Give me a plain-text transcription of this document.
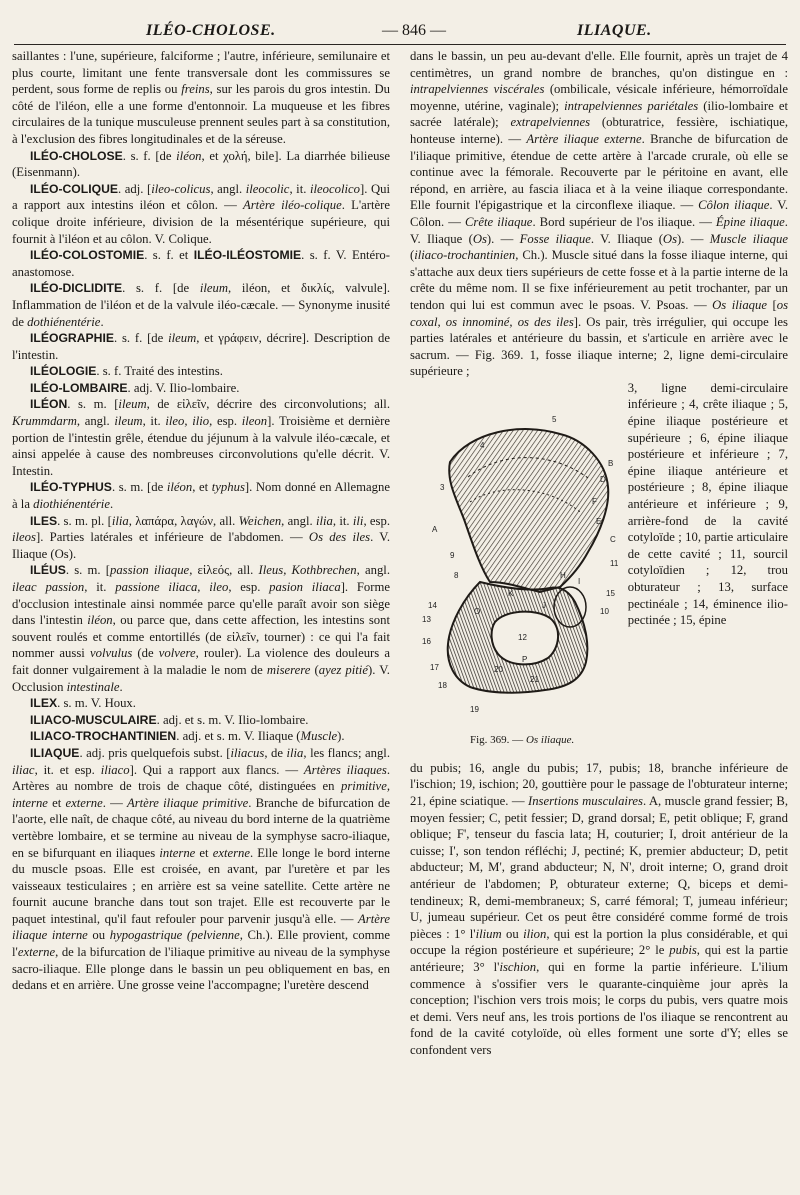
ILÉO-CHOLOSE.	— 846 —	ILIAQUE.

saillantes : l'une, supérieure, falciforme ; l'autre, inférieure, semilunaire et plus courte, limitant une fente transversale dont les commissures se perdent, sous forme de replis ou freins, sur les parois du gros intestin. Du côté de l'iléon, elle a une forme d'entonnoir. La muqueuse et les fibres circulaires de la tunique musculeuse prennent seules part à sa constitution, à l'exclusion des fibres longitudinales et de la séreuse.

ILÉO-CHOLOSE. s. f. [de iléon, et χολή, bile]. La diarrhée bilieuse (Eisenmann).

ILÉO-COLIQUE. adj. [ileo-colicus, angl. ileocolic, it. ileocolico]. Qui a rapport aux intestins iléon et côlon. — Artère iléo-colique. L'artère colique droite inférieure, division de la mésentérique supérieure, qui fournit à l'iléon et au côlon. V. Colique.

ILÉO-COLOSTOMIE. s. f. et ILÉO-ILÉOSTOMIE. s. f. V. Entéro-anastomose.

ILÉO-DICLIDITE. s. f. [de ileum, iléon, et δικλίς, valvule]. Inflammation de l'iléon et de la valvule iléo-cæcale. — Synonyme inusité de dothiénentérie.

ILÉOGRAPHIE. s. f. [de ileum, et γράφειν, décrire]. Description de l'intestin.

ILÉOLOGIE. s. f. Traité des intestins.

ILÉO-LOMBAIRE. adj. V. Ilio-lombaire.

ILÉON. s. m. [ileum, de εἰλεῖν, décrire des circonvolutions; all. Krummdarm, angl. ileum, it. ileo, ilio, esp. ileon]. Troisième et dernière portion de l'intestin grêle, étendue du jéjunum à la valvule iléo-cæcale, et ainsi appelée à cause des nombreuses circonvolutions qu'elle décrit. V. Intestin.

ILÉO-TYPHUS. s. m. [de iléon, et typhus]. Nom donné en Allemagne à la diothiénentérie.

ILES. s. m. pl. [ilia, λαπάρα, λαγών, all. Weichen, angl. ilia, it. ili, esp. ileos]. Parties latérales et inférieure de l'abdomen. — Os des iles. V. Iliaque (Os).

ILÉUS. s. m. [passion iliaque, εἰλεός, all. Ileus, Kothbrechen, angl. ileac passion, it. passione iliaca, ileo, esp. pasion iliaca]. Forme d'occlusion intestinale ainsi nommée parce qu'elle paraît avoir son siège dans l'intestin iléon, ou parce que, dans cette affection, les intestins sont souvent roulés et comme entortillés (de εἰλεῖν, tourner) : ce qui l'a fait nommer aussi volvulus (de volvere, rouler). La violence des douleurs a fait donner vulgairement à la maladie le nom de miserere (ayez pitié). V. Occlusion intestinale.

ILEX. s. m. V. Houx.

ILIACO-MUSCULAIRE. adj. et s. m. V. Ilio-lombaire.

ILIACO-TROCHANTINIEN. adj. et s. m. V. Iliaque (Muscle).

ILIAQUE. adj. pris quelquefois subst. [iliacus, de ilia, les flancs; angl. iliac, it. et esp. iliaco]. Qui a rapport aux flancs. — Artères iliaques. Artères au nombre de trois de chaque côté, distinguées en primitive, interne et externe. — Artère iliaque primitive. Branche de bifurcation de l'aorte, elle naît, de chaque côté, au niveau du bord interne de la quatrième vertèbre lombaire, et se termine au niveau de la symphyse sacro-iliaque, en se bifurquant en iliaques interne et externe. Elle longe le bord interne du muscle psoas. Elle est croisée, en avant, par l'uretère et par les vaisseaux testiculaires ; en arrière est sa veine satellite. Cette artère ne fournit aucune branche dans tout son trajet. Elle est recouverte par le paquet intestinal, qu'il faut refouler pour parvenir jusqu'à elle. — Artère iliaque interne ou hypogastrique (pelvienne, Ch.). Elle provient, comme l'externe, de la bifurcation de l'iliaque primitive au niveau de la symphyse sacro-iliaque. Elle plonge dans le bassin un peu obliquement en bas, en dedans et en arrière. Une grosse veine l'accompagne; l'uretère descend

dans le bassin, un peu au-devant d'elle. Elle fournit, après un trajet de 4 centimètres, un grand nombre de branches, qu'on distingue en : intrapelviennes viscérales (ombilicale, vésicale inférieure, hémorroïdale moyenne, utérine, vaginale); intrapelviennes pariétales (ilio-lombaire et sacrée latérale); extrapelviennes (obturatrice, fessière, ischiatique, honteuse interne). — Artère iliaque externe. Branche de bifurcation de l'iliaque primitive, étendue de cette artère à l'arcade crurale, où elle se continue avec la fémorale. Recouverte par le péritoine en avant, elle répond, en arrière, au fascia iliaca et à la veine iliaque correspondante. Elle fournit l'épigastrique et la circonflexe iliaque. — Côlon iliaque. V. Côlon. — Crête iliaque. Bord supérieur de l'os iliaque. — Épine iliaque. V. Iliaque (Os). — Fosse iliaque. V. Iliaque (Os). — Muscle iliaque (iliaco-trochantinien, Ch.). Muscle situé dans la fosse iliaque interne, qui s'attache aux deux tiers supérieurs de cette fosse et à la partie interne de la crête du même nom. Il se fixe inférieurement au petit trochanter, par un tendon qui lui est commun avec le psoas. V. Psoas. — Os iliaque [os coxal, os innominé, os des iles]. Os pair, très irrégulier, qui occupe les parties latérales et antérieure du bassin, et s'articule en arrière avec le sacrum. — Fig. 369. 1, fosse iliaque interne; 2, ligne demi-circulaire supérieure ;

4
5
B
3
A
9
8
C
11
14
13
16
17
18
19
15
10
12
20
21
F
E
D
H
I
J
K
O
P
Fig. 369. — Os iliaque.
3, ligne demi-circulaire inférieure ; 4, crête iliaque ; 5, épine iliaque postérieure et supérieure ; 6, épine iliaque postérieure et inférieure ; 7, épine iliaque antérieure et postérieure ; 8, épine iliaque antérieure et inférieure ; 9, arrière-fond de la cavité cotyloïde ; 10, partie articulaire de cette cavité ; 11, sourcil cotyloïdien ; 12, trou obturateur ; 13, surface pectinéale ; 14, éminence ilio-pectinée ; 15, épine

du pubis; 16, angle du pubis; 17, pubis; 18, branche inférieure de l'ischion; 19, ischion; 20, gouttière pour le passage de l'obturateur interne; 21, épine sciatique. — Insertions musculaires. A, muscle grand fessier; B, moyen fessier; C, petit fessier; D, grand dorsal; E, petit oblique; F, grand oblique; F', tenseur du fascia lata; H, couturier; I, droit antérieur de la cuisse; I', son tendon réfléchi; J, pectiné; K, premier abducteur; D, petit abducteur; M, M', grand abducteur; N, N', droit interne; O, grand droit antérieur de l'abdomen; P, obturateur externe; Q, biceps et demi-tendineux; R, demi-membraneux; S, carré fémoral; T, jumeau inférieur; U, jumeau supérieur. Cet os peut être considéré comme formé de trois pièces : 1° l'ilium ou ilion, qui est la portion la plus considérable, et qui occupe la région postérieure et supérieure; 2° le pubis, qui est la partie antérieure; 3° l'ischion, qui en forme la partie inférieure. L'ilium commence à s'ossifier vers le quarante-cinquième jour après la conception; l'ischion vers trois mois; le corps du pubis, vers quatre mois et demi. Vers neuf ans, les trois portions de l'os iliaque se rencontrent au fond de la cavité cotyloïde, où elles forment une sorte d'Y; elles se confondent vers
